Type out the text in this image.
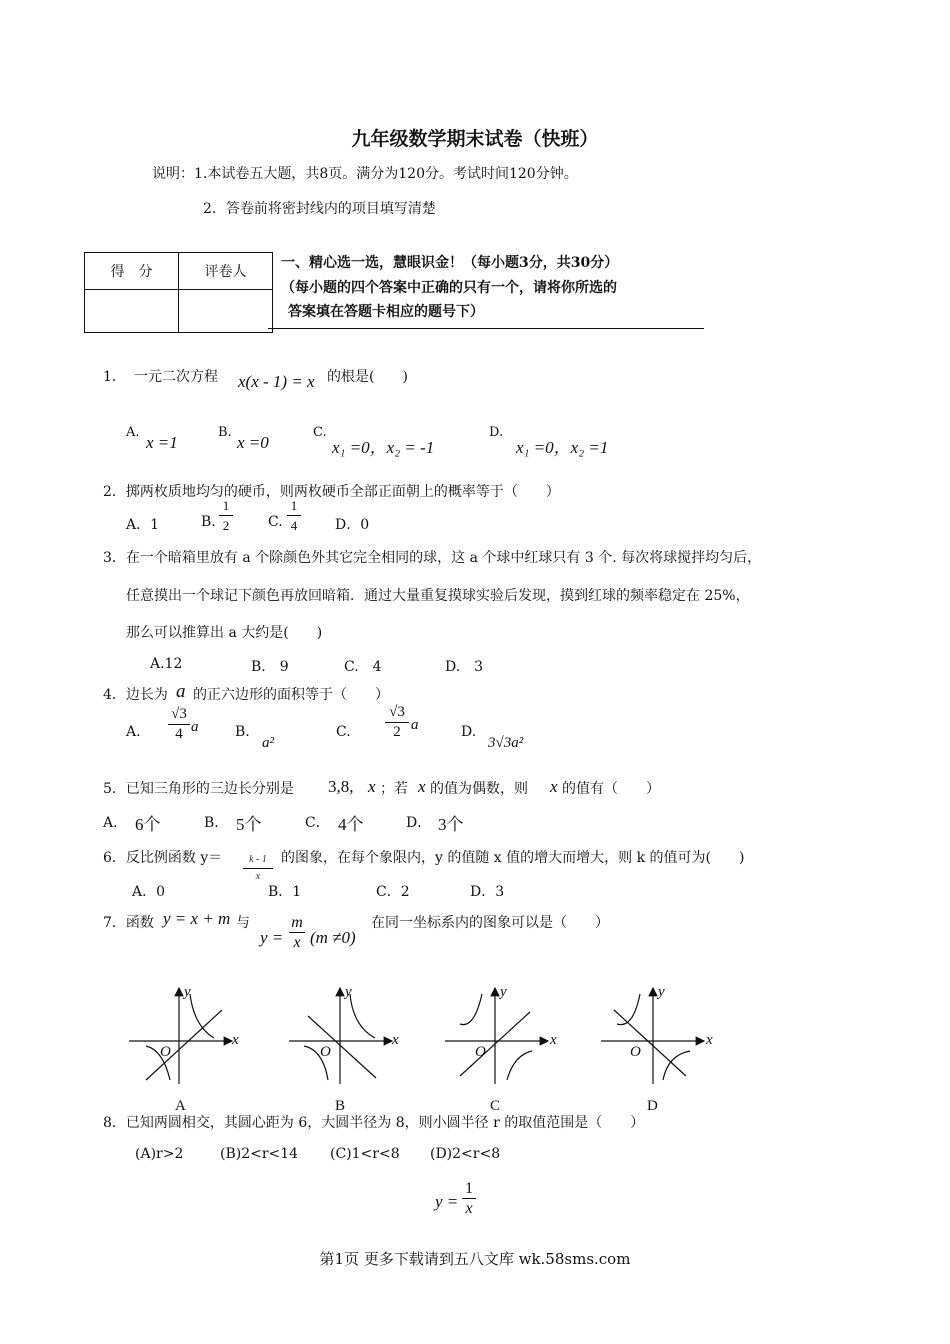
九年级数学期末试卷（快班）
说明：1.本试卷五大题，共8页。满分为120分。考试时间120分钟。
2．答卷前将密封线内的项目填写清楚
得　分	评卷人

一、精心选一选，慧眼识金！（每小题3分，共30分）
（每小题的四个答案中正确的只有一个，请将你所选的
答案填在答题卡相应的题号下）
1． 一元二次方程 x(x - 1) = x 的根是(　　)
A.
x =1
B.
x =0
C.
x₁ =0，x₂ = -1
D.
x₁ =0，x₂ =1
2．掷两枚质地均匀的硬币，则两枚硬币全部正面朝上的概率等于（　　）
A．1	B.
1
2	C.
1
4	D．0
3．在一个暗箱里放有 a 个除颜色外其它完全相同的球，这 a 个球中红球只有 3 个. 每次将球搅拌均匀后，
任意摸出一个球记下颜色再放回暗箱．通过大量重复摸球实验后发现，摸到红球的频率稳定在 25%，
那么可以推算出 a 大约是(　　)
A.12	B.　9	C.　4	D.　3
4．边长为 a 的正六边形的面积等于（　　）
A.
√3
4 a	B.
a²
C.
√3
2 a	D.
3√3a²
5．已知三角形的三边长分别是 3,8, x ；若 x 的值为偶数，则 x 的值有（　　）
A． 6个	B． 5个	C． 4个	D． 3个
6．反比例函数 y＝	k - 1
x
的图象，在每个象限内，y 的值随 x 值的增大而增大，则 k 的值可为(　　)
A．0	B．1	C．2	D．3
7．函数 y = x + m 与
y =
m
x (m ≠0)
在同一坐标系内的图象可以是（　　）
x
y
O
x
y
O
x
y
O
x
y
O
A	B	C	D
8．已知两圆相交，其圆心距为 6，大圆半径为 8，则小圆半径 r 的取值范围是（　　）
(A)r>2	(B)2<r<14 (C)1<r<8 (D)2<r<8
y =
1
x
第1页 更多下载请到五八文库 wk.58sms.com
